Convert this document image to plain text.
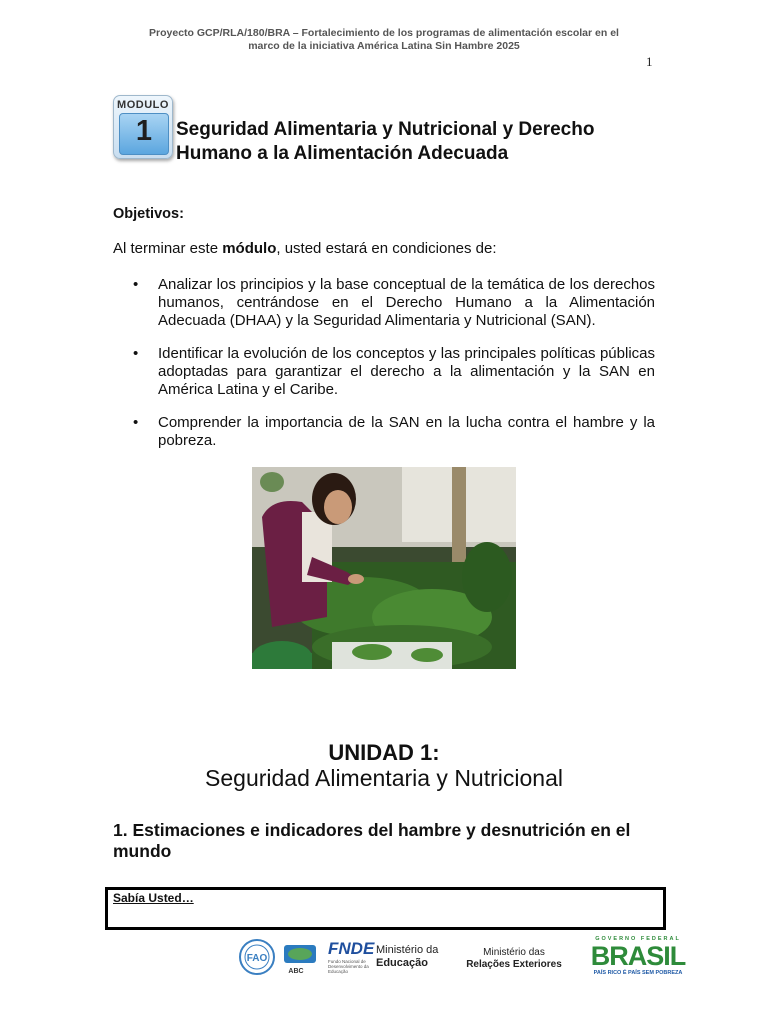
Proyecto GCP/RLA/180/BRA – Fortalecimiento de los programas de alimentación escolar en el
marco de la iniciativa América Latina Sin Hambre 2025
1
MODULO
1	Seguridad Alimentaria y Nutricional y Derecho
Humano a la Alimentación Adecuada
Objetivos:
Al terminar este módulo, usted estará en condiciones de:
• Analizar los principios y la base conceptual de la temática de los derechos humanos, centrándose en el Derecho Humano a la Alimentación Adecuada (DHAA) y la Seguridad Alimentaria y Nutricional (SAN).
• Identificar la evolución de los conceptos y las principales políticas públicas adoptadas para garantizar el derecho a la alimentación y la SAN en América Latina y el Caribe.
• Comprender la importancia de la SAN en la lucha contra el hambre y la pobreza.
UNIDAD 1:
Seguridad Alimentaria y Nutricional
1. Estimaciones e indicadores del hambre y desnutrición en el
mundo
Sabía Usted…
FAO
ABC
FNDE
Fundo Nacional de Desenvolvimento da Educação
Ministério da
Educação
Ministério das
Relações Exteriores
GOVERNO FEDERAL
BRASIL
PAÍS RICO É PAÍS SEM POBREZA
